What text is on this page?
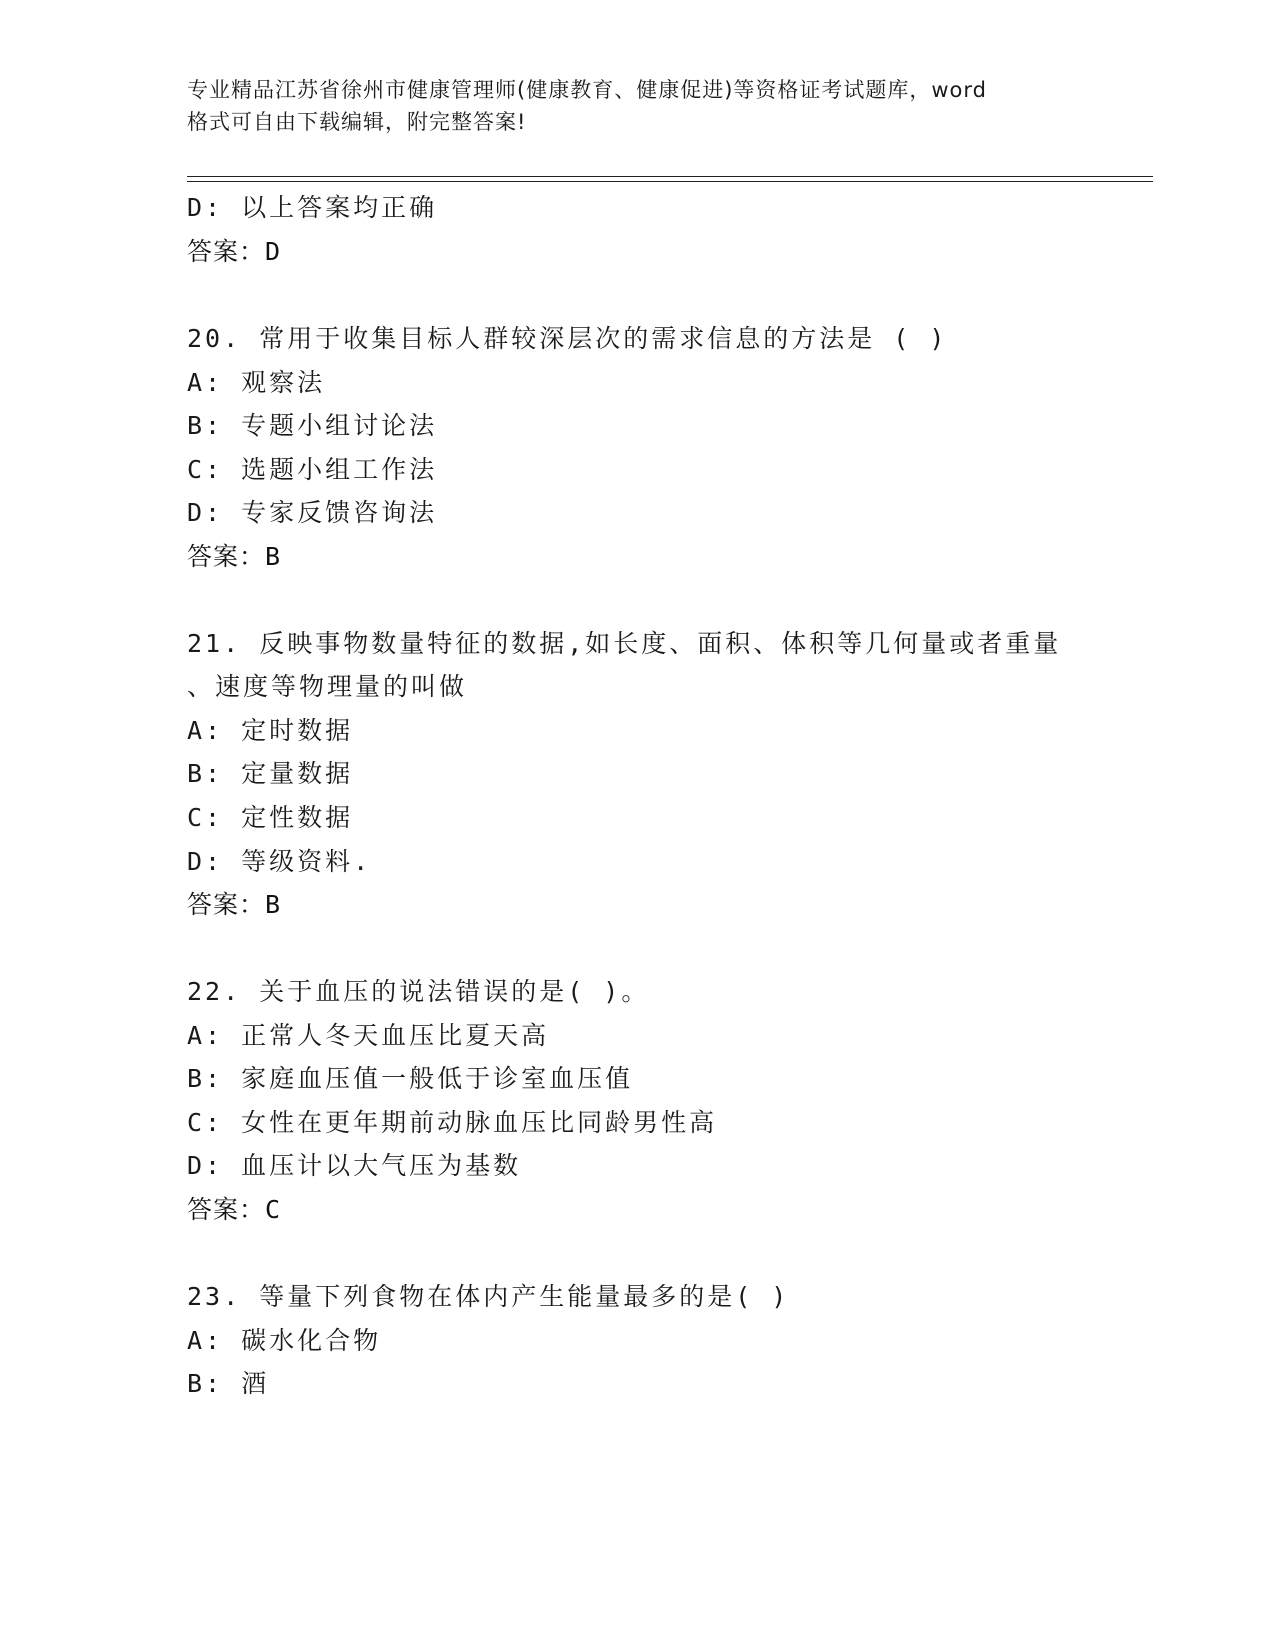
专业精品江苏省徐州市健康管理师(健康教育、健康促进)等资格证考试题库，word
格式可自由下载编辑，附完整答案!
D: 以上答案均正确
答案：D
20. 常用于收集目标人群较深层次的需求信息的方法是 ( )
A: 观察法
B: 专题小组讨论法
C: 选题小组工作法
D: 专家反馈咨询法
答案：B
21. 反映事物数量特征的数据,如长度、面积、体积等几何量或者重量
、速度等物理量的叫做
A: 定时数据
B: 定量数据
C: 定性数据
D: 等级资料.
答案：B
22. 关于血压的说法错误的是( )。
A: 正常人冬天血压比夏天高
B: 家庭血压值一般低于诊室血压值
C: 女性在更年期前动脉血压比同龄男性高
D: 血压计以大气压为基数
答案：C
23. 等量下列食物在体内产生能量最多的是( )
A: 碳水化合物
B: 酒
